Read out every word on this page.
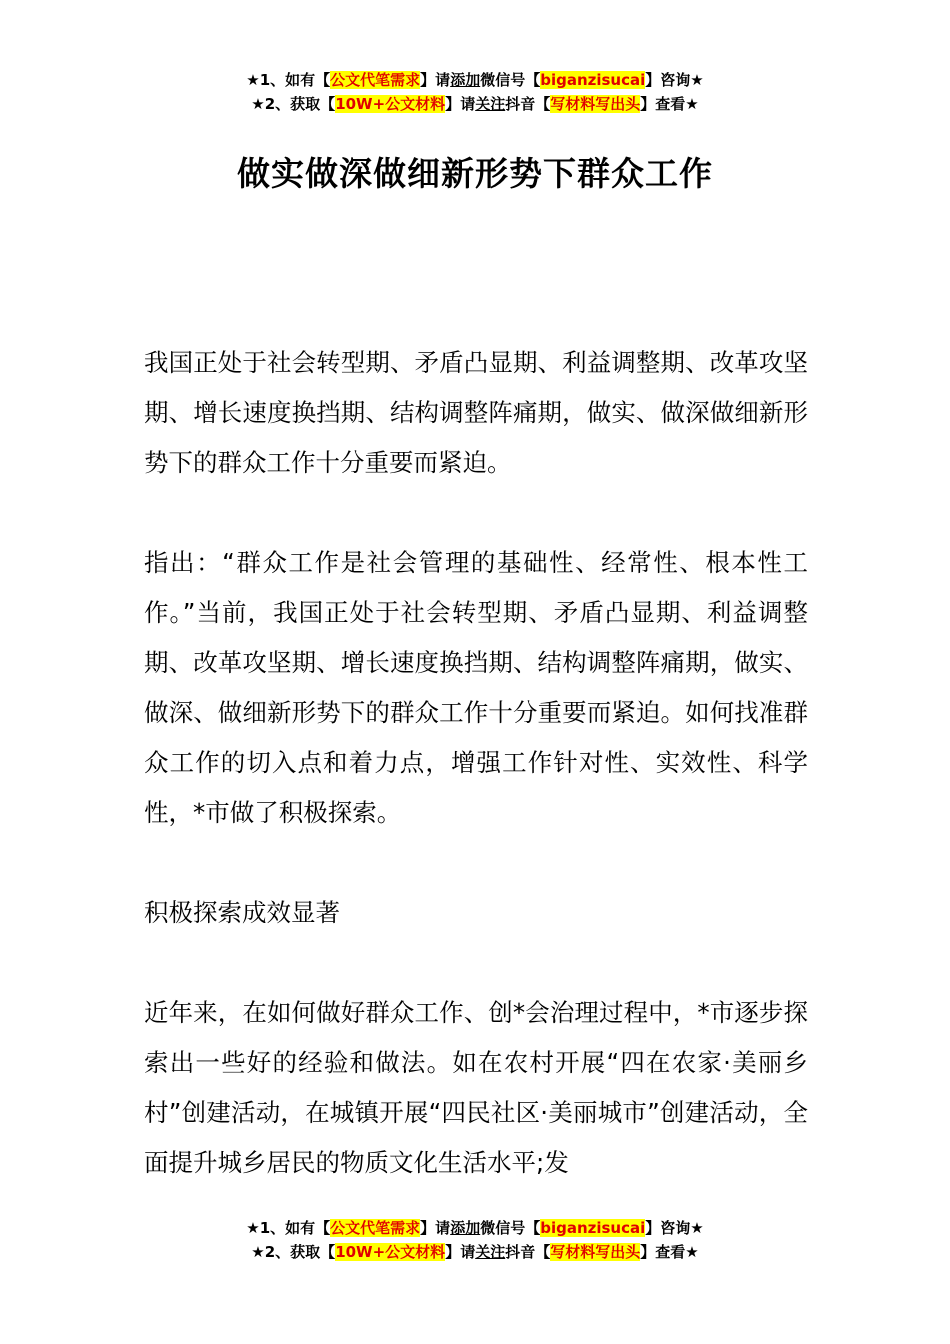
★1、如有【公文代笔需求】请添加微信号【biganzisucai】咨询★
★2、获取【10W+公文材料】请关注抖音【写材料写出头】查看★
做实做深做细新形势下群众工作
我国正处于社会转型期、矛盾凸显期、利益调整期、改革攻坚期、增长速度换挡期、结构调整阵痛期，做实、做深做细新形势下的群众工作十分重要而紧迫。
指出：“群众工作是社会管理的基础性、经常性、根本性工作。”当前，我国正处于社会转型期、矛盾凸显期、利益调整期、改革攻坚期、增长速度换挡期、结构调整阵痛期，做实、做深、做细新形势下的群众工作十分重要而紧迫。如何找准群众工作的切入点和着力点，增强工作针对性、实效性、科学性，*市做了积极探索。
积极探索成效显著
近年来，在如何做好群众工作、创*会治理过程中，*市逐步探索出一些好的经验和做法。如在农村开展“四在农家·美丽乡村”创建活动，在城镇开展“四民社区·美丽城市”创建活动，全面提升城乡居民的物质文化生活水平;发
★1、如有【公文代笔需求】请添加微信号【biganzisucai】咨询★
★2、获取【10W+公文材料】请关注抖音【写材料写出头】查看★
